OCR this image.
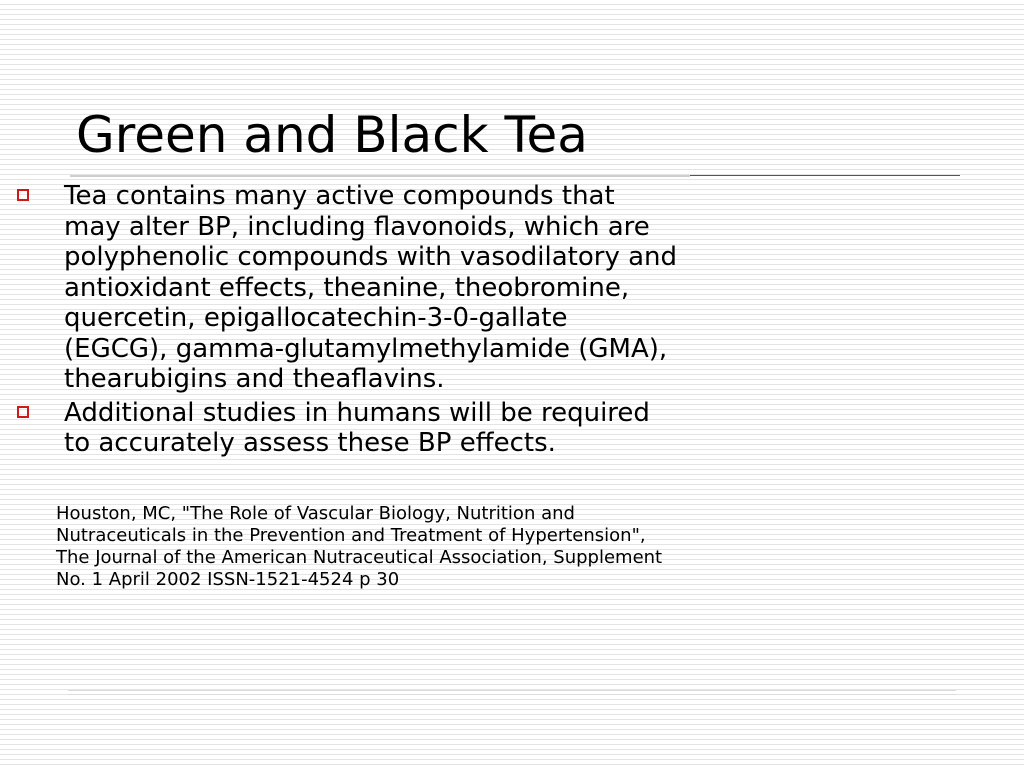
Green and Black Tea
Tea contains many active compounds that
may alter BP, including flavonoids, which are
polyphenolic compounds with vasodilatory and
antioxidant effects, theanine, theobromine,
quercetin, epigallocatechin-3-0-gallate
(EGCG), gamma-glutamylmethylamide (GMA),
thearubigins and theaflavins.
Additional studies in humans will be required
to accurately assess these BP effects.

Houston, MC, "The Role of Vascular Biology, Nutrition and
Nutraceuticals in the Prevention and Treatment of Hypertension",
The Journal of the American Nutraceutical Association, Supplement
No. 1 April 2002 ISSN-1521-4524 p 30
